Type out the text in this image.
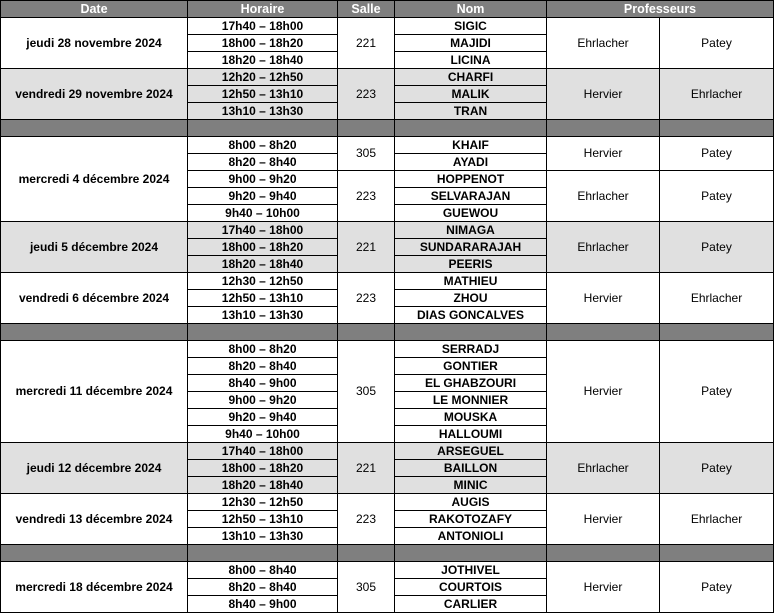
Date	Horaire	Salle	Nom	Professeurs	
jeudi 28 novembre 2024	17h40 – 18h00	221	SIGIC	Ehrlacher	Patey
	18h00 – 18h20		MAJIDI		
	18h20 – 18h40		LICINA		
vendredi 29 novembre 2024	12h20 – 12h50	223	CHARFI	Hervier	Ehrlacher
	12h50 – 13h10		MALIK		
	13h10 – 13h30		TRAN		

mercredi 4 décembre 2024	8h00 – 8h20	305	KHAIF	Hervier	Patey
	8h20 – 8h40		AYADI		
	9h00 – 9h20	223	HOPPENOT	Ehrlacher	Patey
	9h20 – 9h40		SELVARAJAN		
	9h40 – 10h00		GUEWOU		
jeudi 5 décembre 2024	17h40 – 18h00	221	NIMAGA	Ehrlacher	Patey
	18h00 – 18h20		SUNDARARAJAH		
	18h20 – 18h40		PEERIS		
vendredi 6 décembre 2024	12h30 – 12h50	223	MATHIEU	Hervier	Ehrlacher
	12h50 – 13h10		ZHOU		
	13h10 – 13h30		DIAS GONCALVES		

mercredi 11 décembre 2024	8h00 – 8h20	305	SERRADJ	Hervier	Patey
	8h20 – 8h40		GONTIER		
	8h40 – 9h00		EL GHABZOURI		
	9h00 – 9h20		LE MONNIER		
	9h20 – 9h40		MOUSKA		
	9h40 – 10h00		HALLOUMI		
jeudi 12 décembre 2024	17h40 – 18h00	221	ARSEGUEL	Ehrlacher	Patey
	18h00 – 18h20		BAILLON		
	18h20 – 18h40		MINIC		
vendredi 13 décembre 2024	12h30 – 12h50	223	AUGIS	Hervier	Ehrlacher
	12h50 – 13h10		RAKOTOZAFY		
	13h10 – 13h30		ANTONIOLI		

mercredi 18 décembre 2024	8h00 – 8h40	305	JOTHIVEL	Hervier	Patey
	8h20 – 8h40		COURTOIS		
	8h40 – 9h00		CARLIER		
